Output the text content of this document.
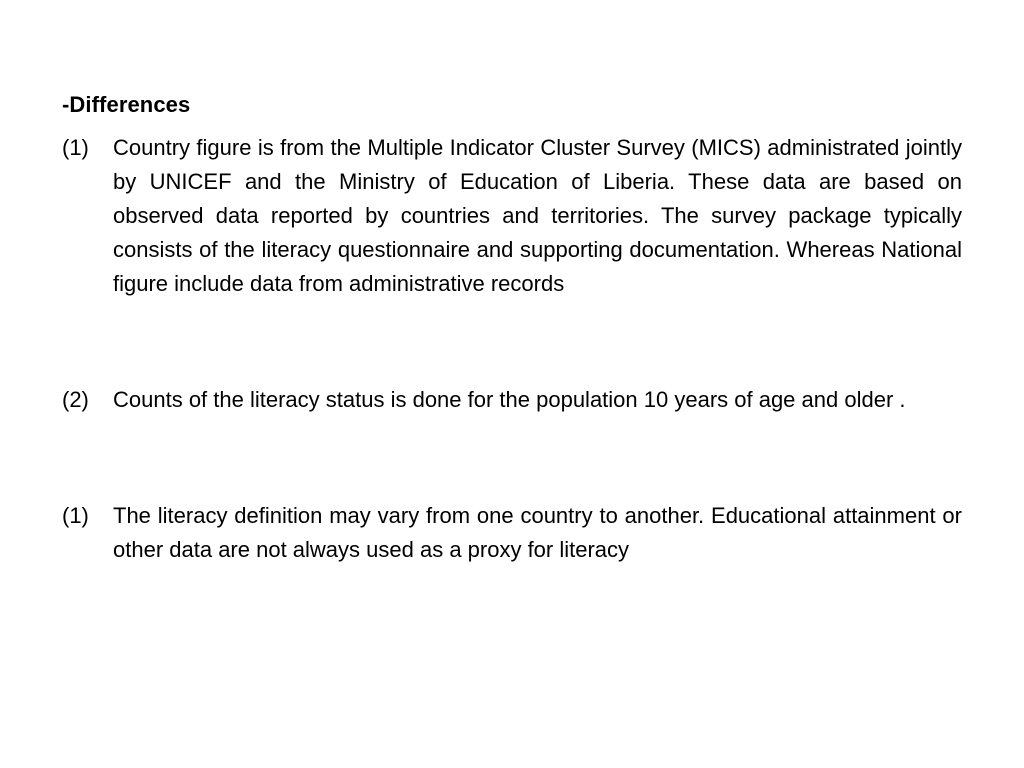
-Differences
(1)	Country figure is from the Multiple Indicator Cluster Survey (MICS) administrated jointly by UNICEF and the Ministry of Education of Liberia. These data are based on observed data reported by countries and territories. The survey package typically consists of the literacy questionnaire and supporting documentation. Whereas National figure include data from administrative records
(2)	Counts of the literacy status is done for the population 10 years of age and older .
(1)	The literacy definition may vary from one country to another. Educational attainment or other data are not always used as a proxy for literacy
